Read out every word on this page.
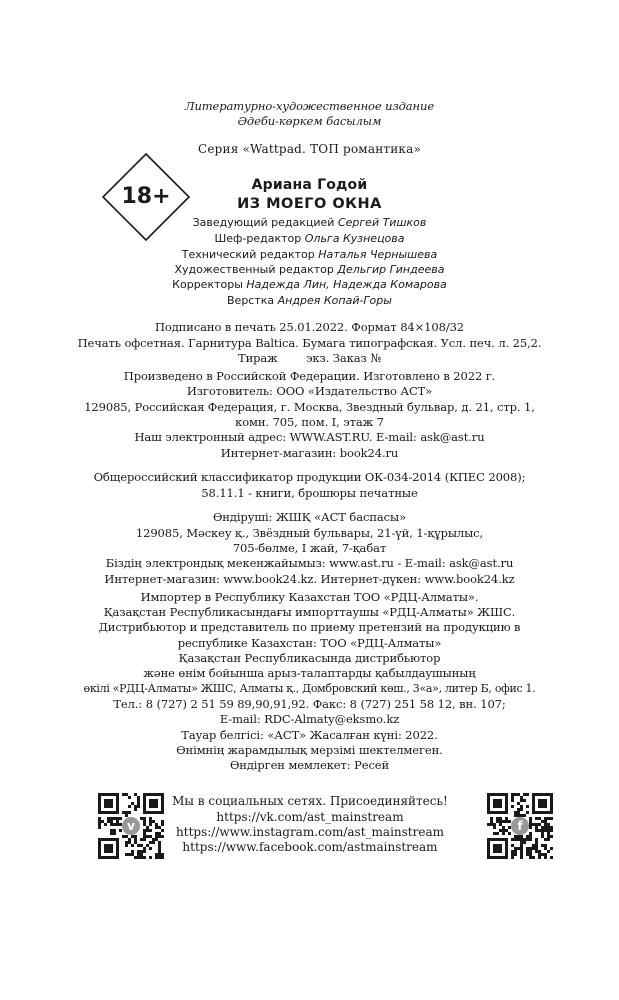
Литературно-художественное издание
Әдеби-көркем басылым
Серия «Wattpad. ТОП романтика»
18+	Ариана Годой
ИЗ МОЕГО ОКНА
Заведующий редакцией Сергей Тишков
Шеф-редактор Ольга Кузнецова
Технический редактор Наталья Чернышева
Художественный редактор Дельгир Гиндеева
Корректоры Надежда Лин, Надежда Комарова
Верстка Андрея Копай-Горы
Подписано в печать 25.01.2022. Формат 84×108/32
Печать офсетная. Гарнитура Baltica. Бумага типографская. Усл. печ. л. 25,2.
Тираж        экз. Заказ №
Произведено в Российской Федерации. Изготовлено в 2022 г.
Изготовитель: ООО «Издательство АСТ»
129085, Российская Федерация, г. Москва, Звездный бульвар, д. 21, стр. 1,
комн. 705, пом. I, этаж 7
Наш электронный адрес: WWW.AST.RU. E-mail: ask@ast.ru
Интернет-магазин: book24.ru
Общероссийский классификатор продукции ОК-034-2014 (КПЕС 2008);
58.11.1 - книги, брошюры печатные
Өндіруші: ЖШҚ «АСТ баспасы»
129085, Мәскеу қ., Звёздный бульвары, 21-үй, 1-құрылыс,
705-бөлме, I жай, 7-қабат
Біздің электрондық мекенжайымыз: www.ast.ru - E-mail: ask@ast.ru
Интернет-магазин: www.book24.kz. Интернет-дүкен: www.book24.kz
Импортер в Республику Казахстан ТОО «РДЦ-Алматы».
Қазақстан Республикасындағы импорттаушы «РДЦ-Алматы» ЖШС.
Дистрибьютор и представитель по приему претензий на продукцию в
республике Казахстан: ТОО «РДЦ-Алматы»
Қазақстан Республикасында дистрибьютор
және өнім бойынша арыз-талаптарды қабылдаушының
өкілі «РДЦ-Алматы» ЖШС, Алматы қ., Домбровский көш., 3«а», литер Б, офис 1.
Тел.: 8 (727) 2 51 59 89,90,91,92. Факс: 8 (727) 251 58 12, вн. 107;
E-mail: RDC-Almaty@eksmo.kz
Тауар белгісі: «АСТ» Жасалған күні: 2022.
Өнімнің жарамдылық мерзімі шектелмеген.
Өндірген мемлекет: Ресей
v
Мы в социальных сетях. Присоединяйтесь!
https://vk.com/ast_mainstream
https://www.instagram.com/ast_mainstream
https://www.facebook.com/astmainstream
f
